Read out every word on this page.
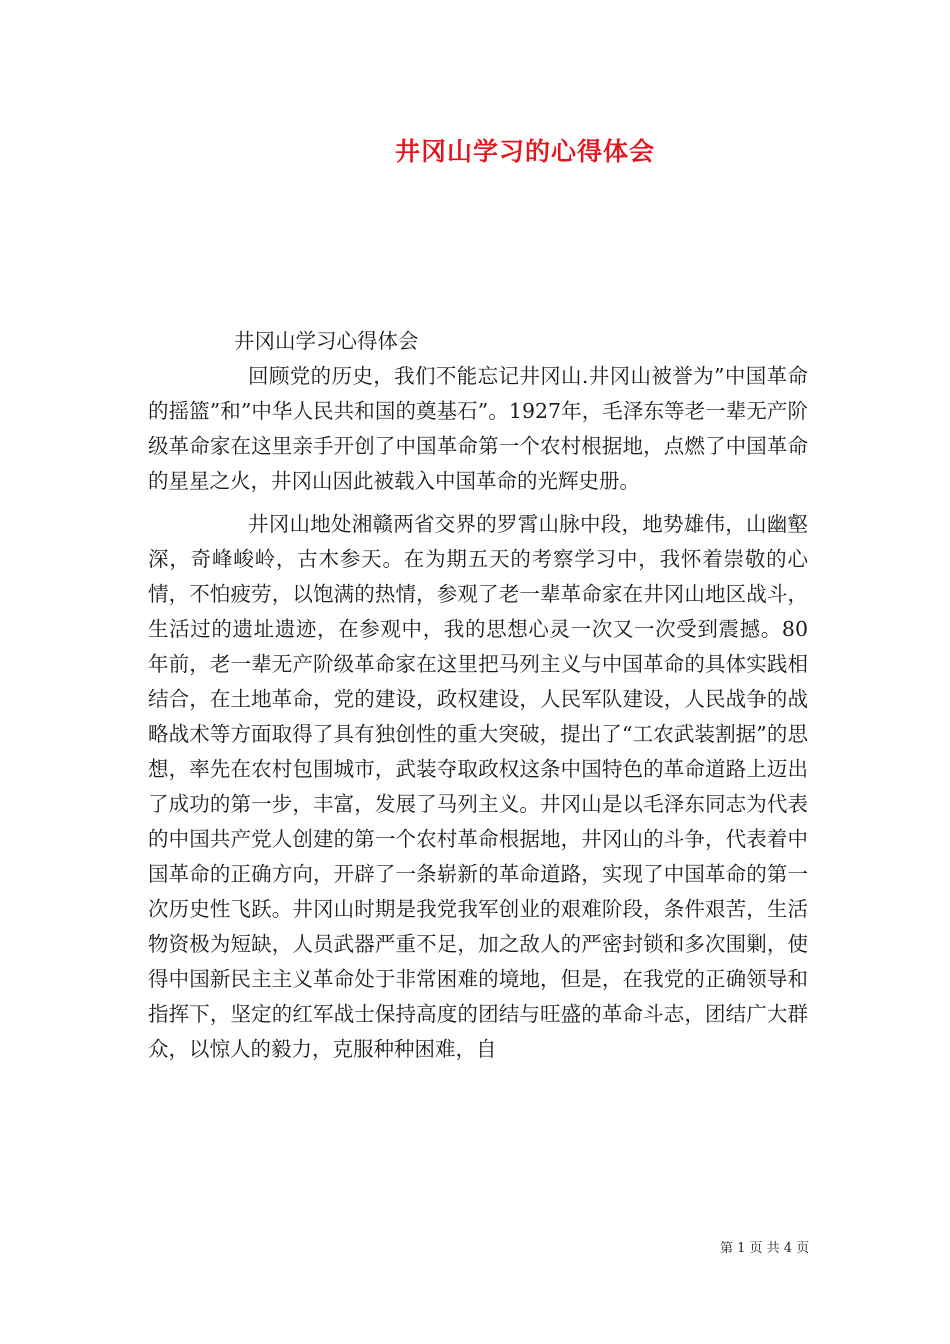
井冈山学习的心得体会

井冈山学习心得体会

回顾党的历史，我们不能忘记井冈山.井冈山被誉为”中国革命的摇篮”和”中华人民共和国的奠基石”。1927年，毛泽东等老一辈无产阶级革命家在这里亲手开创了中国革命第一个农村根据地，点燃了中国革命的星星之火，井冈山因此被载入中国革命的光辉史册。

井冈山地处湘赣两省交界的罗霄山脉中段，地势雄伟，山幽壑深，奇峰峻岭，古木参天。在为期五天的考察学习中，我怀着崇敬的心情，不怕疲劳，以饱满的热情，参观了老一辈革命家在井冈山地区战斗，生活过的遗址遗迹，在参观中，我的思想心灵一次又一次受到震撼。80年前，老一辈无产阶级革命家在这里把马列主义与中国革命的具体实践相结合，在土地革命，党的建设，政权建设，人民军队建设，人民战争的战略战术等方面取得了具有独创性的重大突破，提出了“工农武装割据”的思想，率先在农村包围城市，武装夺取政权这条中国特色的革命道路上迈出了成功的第一步，丰富，发展了马列主义。井冈山是以毛泽东同志为代表的中国共产党人创建的第一个农村革命根据地，井冈山的斗争，代表着中国革命的正确方向，开辟了一条崭新的革命道路，实现了中国革命的第一次历史性飞跃。井冈山时期是我党我军创业的艰难阶段，条件艰苦，生活物资极为短缺，人员武器严重不足，加之敌人的严密封锁和多次围剿，使得中国新民主主义革命处于非常困难的境地，但是，在我党的正确领导和指挥下，坚定的红军战士保持高度的团结与旺盛的革命斗志，团结广大群众，以惊人的毅力，克服种种困难，自

第 1 页 共 4 页
